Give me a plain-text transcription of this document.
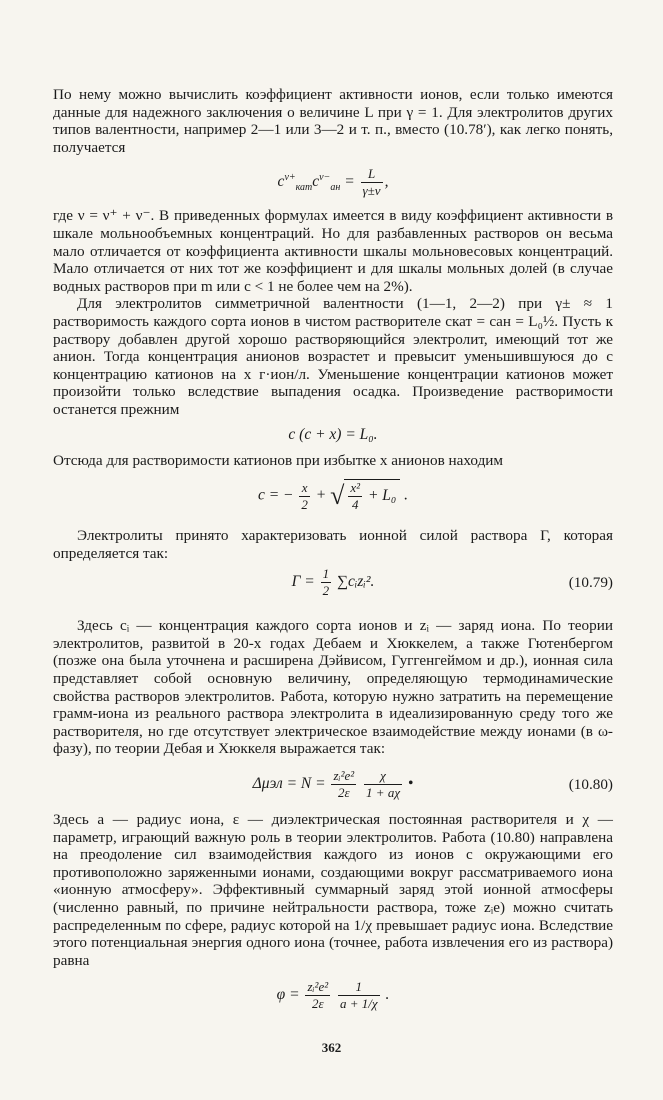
По нему можно вычислить коэффициент активности ионов, если только имеются данные для надежного заключения о величине L при γ = 1. Для электролитов других типов валентности, например 2—1 или 3—2 и т. п., вместо (10.78′), как легко понять, получается

$c^{\nu+}_{кат}c^{\nu-}_{ан} = \frac{L}{\gamma\pm\nu}$ ,

где ν = ν⁺ + ν⁻. В приведенных формулах имеется в виду коэффициент активности в шкале мольнообъемных концентраций. Но для разбавленных растворов он весьма мало отличается от коэффициента активности шкалы мольновесовых концентраций. Мало отличается от них тот же коэффициент и для шкалы мольных долей (в случае водных растворов при m или c < 1 не более чем на 2%).

Для электролитов симметричной валентности (1—1, 2—2) при γ± ≈ 1 растворимость каждого сорта ионов в чистом растворителе cкат = cан = L₀½. Пусть к раствору добавлен другой хорошо растворяющийся электролит, имеющий тот же анион. Тогда концентрация анионов возрастет и превысит уменьшившуюся до c концентрацию катионов на x г·ион/л. Уменьшение концентрации катионов может произойти только вследствие выпадения осадка. Произведение растворимости останется прежним

c (c + x) = L₀.

Отсюда для растворимости катионов при избытке x анионов находим

c = − $\frac{x}{2}$ + √ $\frac{\text{x²}}{4} + L_0$ .

Электролиты принято характеризовать ионной силой раствора Γ, которая определяется так:

$\Gamma = \frac{1}{2}$ ∑cᵢzᵢ².	(10.79)

Здесь cᵢ — концентрация каждого сорта ионов и zᵢ — заряд иона. По теории электролитов, развитой в 20-х годах Дебаем и Хюккелем, а также Гютенбергом (позже она была уточнена и расширена Дэйвисом, Гуггенгеймом и др.), ионная сила представляет собой основную величину, определяющую термодинамические свойства растворов электролитов. Работа, которую нужно затратить на перемещение грамм-иона из реального раствора электролита в идеализированную среду того же растворителя, но где отсутствует электрическое взаимодействие между ионами (в ω-фазу), по теории Дебая и Хюккеля выражается так:

$\Delta\mu эл = N = \frac{\text{zᵢ²e²}}{2\varepsilon}$
$\frac{\chi}{1 + a\chi}$ •	(10.80)

Здесь a — радиус иона, ε — диэлектрическая постоянная растворителя и χ — параметр, играющий важную роль в теории электролитов. Работа (10.80) направлена на преодоление сил взаимодействия каждого из ионов с окружающими его противоположно заряженными ионами, создающими вокруг рассматриваемого иона «ионную атмосферу». Эффективный суммарный заряд этой ионной атмосферы (численно равный, по причине нейтральности раствора, тоже zᵢe) можно считать распределенным по сфере, радиус которой на 1/χ превышает радиус иона. Вследствие этого потенциальная энергия одного иона (точнее, работа извлечения его из раствора) равна

$\varphi = \frac{\text{zᵢ²e²}}{2\varepsilon}$
$\frac{1}{a + 1/\chi}$ .
362
